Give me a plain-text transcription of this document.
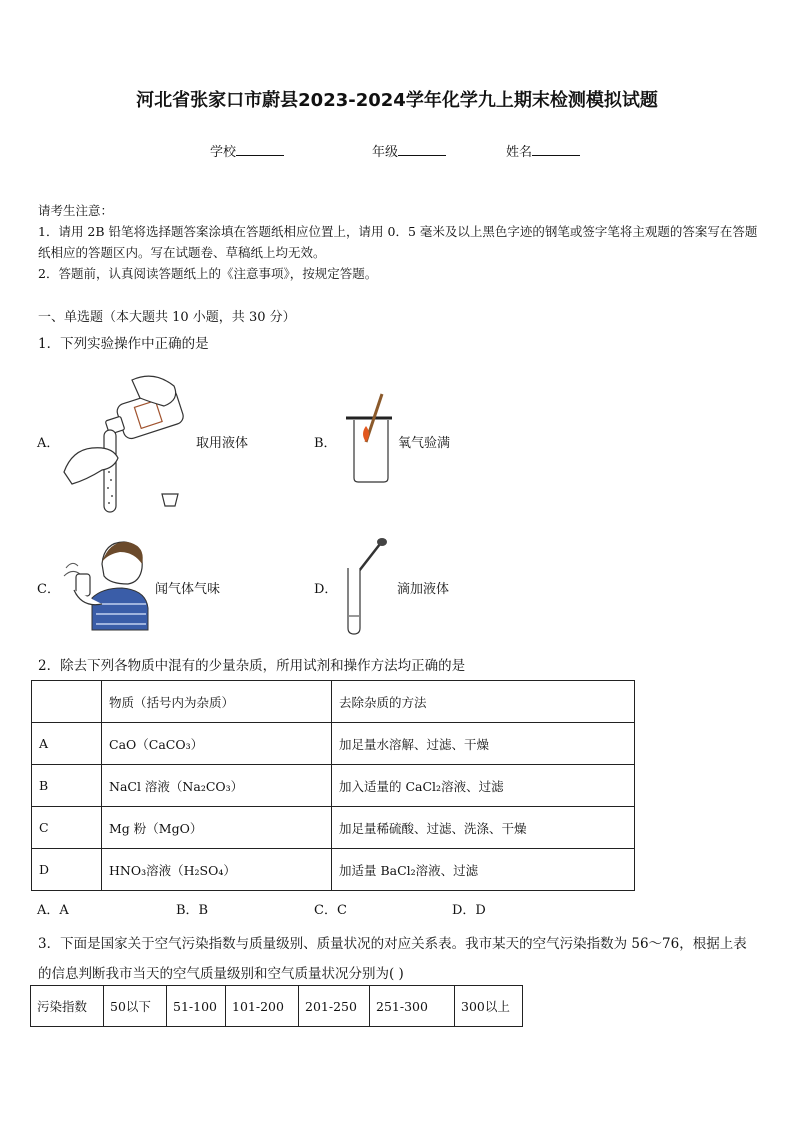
河北省张家口市蔚县2023-2024学年化学九上期末检测模拟试题
学校	年级	姓名
请考生注意：
1．请用 2B 铅笔将选择题答案涂填在答题纸相应位置上，请用 0．5 毫米及以上黑色字迹的钢笔或签字笔将主观题的答案写在答题纸相应的答题区内。写在试题卷、草稿纸上均无效。
2．答题前，认真阅读答题纸上的《注意事项》，按规定答题。
一、单选题（本大题共 10 小题，共 30 分）
1．下列实验操作中正确的是
A．	取用液体	B．	氧气验满
C．	闻气体气味	D．	滴加液体
2．除去下列各物质中混有的少量杂质，所用试剂和操作方法均正确的是
	物质（括号内为杂质）	去除杂质的方法
A	CaO（CaCO₃）	加足量水溶解、过滤、干燥
B	NaCl 溶液（Na₂CO₃）	加入适量的 CaCl₂溶液、过滤
C	Mg 粉（MgO）	加足量稀硫酸、过滤、洗涤、干燥
D	HNO₃溶液（H₂SO₄）	加适量 BaCl₂溶液、过滤
A．A	B．B	C．C	D．D
3．下面是国家关于空气污染指数与质量级别、质量状况的对应关系表。我市某天的空气污染指数为 56～76，根据上表
的信息判断我市当天的空气质量级别和空气质量状况分别为( )
污染指数	50以下	51-100	101-200	201-250	251-300	300以上
